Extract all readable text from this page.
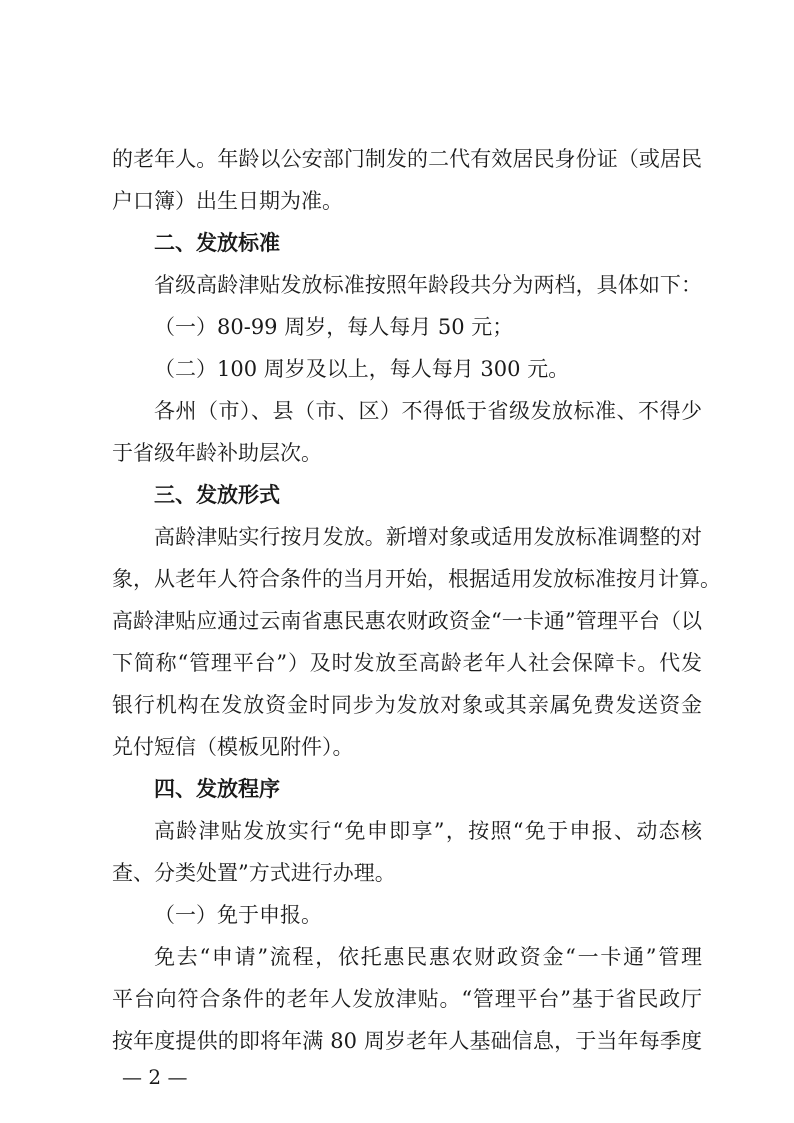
的老年人。年龄以公安部门制发的二代有效居民身份证（或居民
户口簿）出生日期为准。
二、发放标准
省级高龄津贴发放标准按照年龄段共分为两档，具体如下：
（一）80-99 周岁，每人每月 50 元；
（二）100 周岁及以上，每人每月 300 元。
各州（市）、县（市、区）不得低于省级发放标准、不得少
于省级年龄补助层次。
三、发放形式
高龄津贴实行按月发放。新增对象或适用发放标准调整的对
象，从老年人符合条件的当月开始，根据适用发放标准按月计算。
高龄津贴应通过云南省惠民惠农财政资金“一卡通”管理平台（以
下简称“管理平台”）及时发放至高龄老年人社会保障卡。代发
银行机构在发放资金时同步为发放对象或其亲属免费发送资金
兑付短信（模板见附件）。
四、发放程序
高龄津贴发放实行“免申即享”，按照“免于申报、动态核
查、分类处置”方式进行办理。
（一）免于申报。
免去“申请”流程，依托惠民惠农财政资金“一卡通”管理
平台向符合条件的老年人发放津贴。“管理平台”基于省民政厅
按年度提供的即将年满 80 周岁老年人基础信息，于当年每季度
— 2 —
